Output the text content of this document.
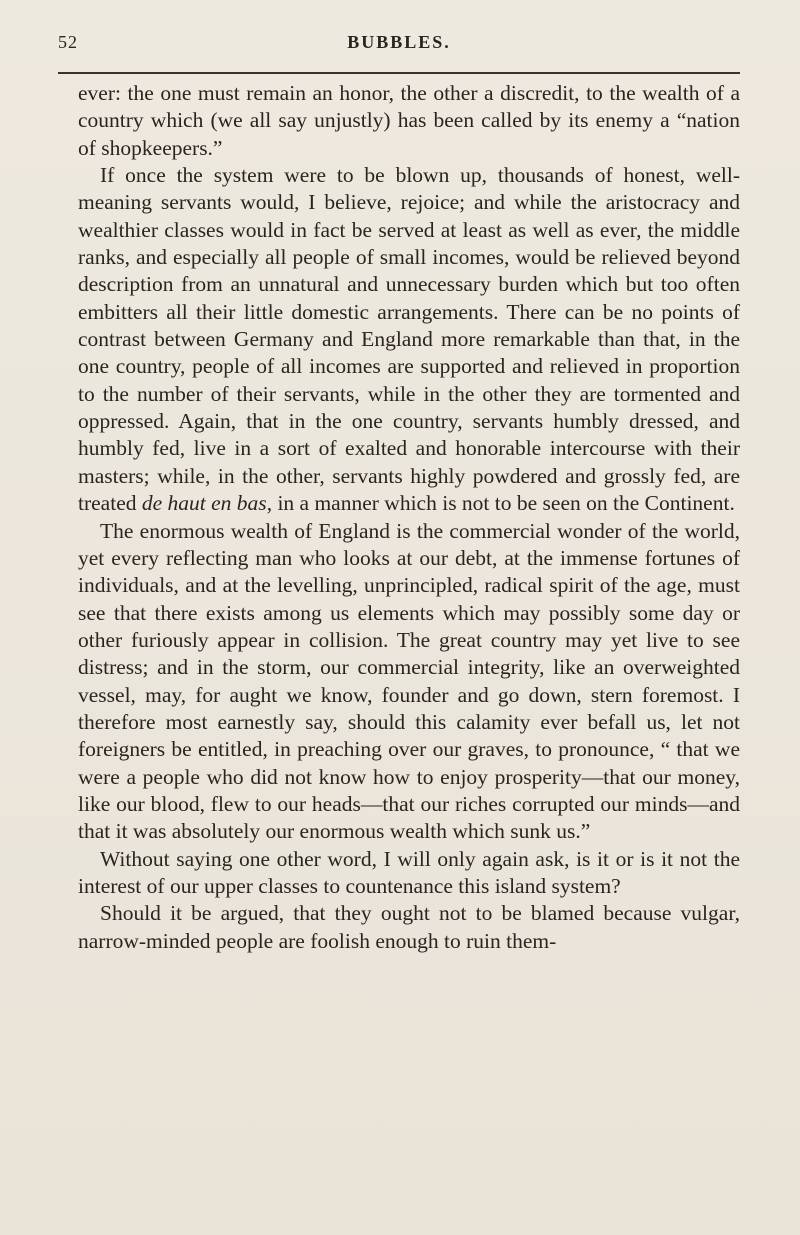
52	BUBBLES.

ever: the one must remain an honor, the other a discredit, to the wealth of a country which (we all say unjustly) has been called by its enemy a “nation of shopkeepers.”

If once the system were to be blown up, thousands of honest, well-meaning servants would, I believe, rejoice; and while the aristocracy and wealthier classes would in fact be served at least as well as ever, the middle ranks, and especially all people of small incomes, would be relieved beyond description from an unnatural and unnecessary burden which but too often embitters all their little domestic arrangements. There can be no points of contrast between Germany and England more remarkable than that, in the one country, people of all incomes are supported and relieved in proportion to the number of their servants, while in the other they are tormented and oppressed. Again, that in the one country, servants humbly dressed, and humbly fed, live in a sort of exalted and honorable intercourse with their masters; while, in the other, servants highly powdered and grossly fed, are treated de haut en bas, in a manner which is not to be seen on the Continent.

The enormous wealth of England is the commercial wonder of the world, yet every reflecting man who looks at our debt, at the immense fortunes of individuals, and at the levelling, unprincipled, radical spirit of the age, must see that there exists among us elements which may possibly some day or other furiously appear in collision. The great country may yet live to see distress; and in the storm, our commercial integrity, like an overweighted vessel, may, for aught we know, founder and go down, stern foremost. I therefore most earnestly say, should this calamity ever befall us, let not foreigners be entitled, in preaching over our graves, to pronounce, “ that we were a people who did not know how to enjoy prosperity—that our money, like our blood, flew to our heads—that our riches corrupted our minds—and that it was absolutely our enormous wealth which sunk us.”

Without saying one other word, I will only again ask, is it or is it not the interest of our upper classes to countenance this island system?

Should it be argued, that they ought not to be blamed because vulgar, narrow-minded people are foolish enough to ruin them-
